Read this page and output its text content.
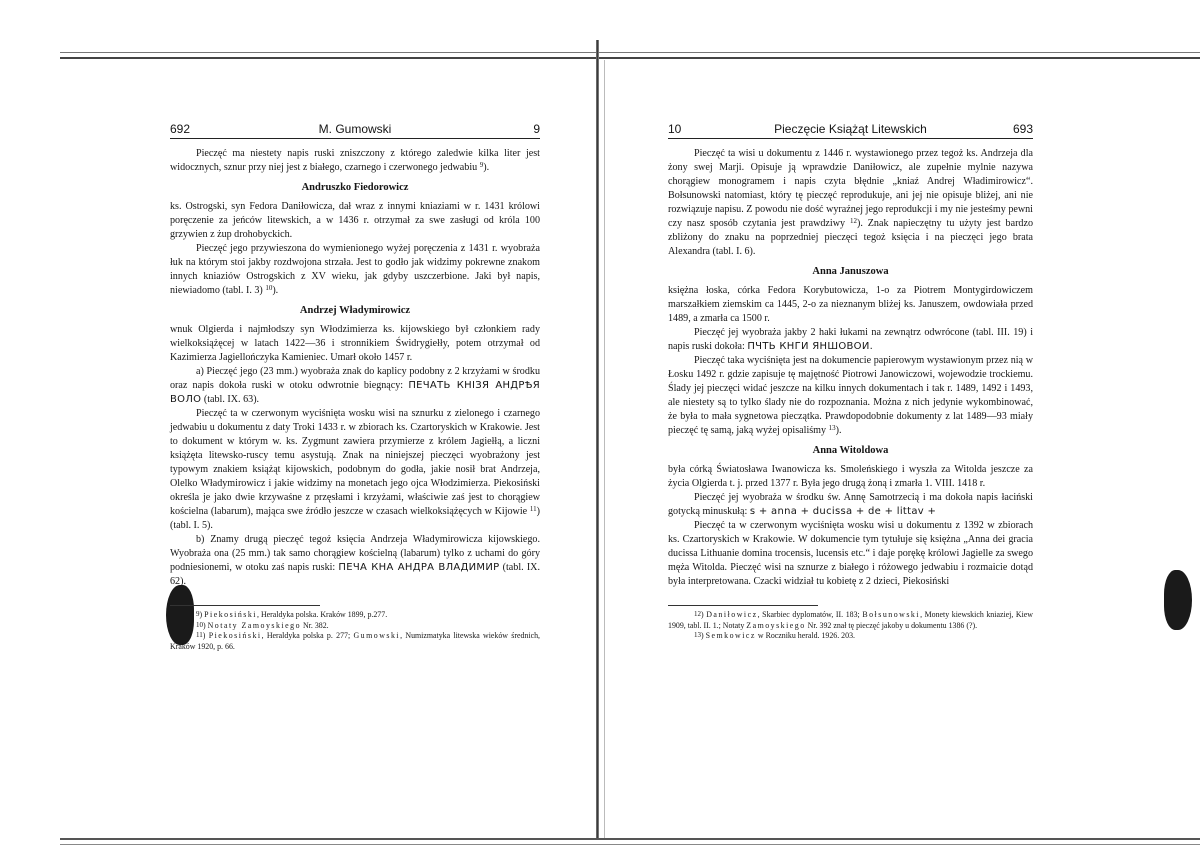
692	M. Gumowski	9

Pieczęć ma niestety napis ruski zniszczony z którego zaledwie kilka liter jest widocznych, sznur przy niej jest z białego, czarnego i czerwonego jedwabiu $^9$).

Andruszko Fiedorowicz

ks. Ostrogski, syn Fedora Daniłowicza, dał wraz z innymi kniaziami w r. 1431 królowi poręczenie za jeńców litewskich, a w 1436 r. otrzymał za swe zasługi od króla 100 grzywien z żup drohobyckich.

Pieczęć jego przywieszona do wymienionego wyżej poręczenia z 1431 r. wyobraża łuk na którym stoi jakby rozdwojona strzała. Jest to godło jak widzimy pokrewne znakom innych kniaziów Ostrogskich z XV wieku, jak gdyby uszczerbione. Jaki był napis, niewiadomo (tabl. I. 3) $^{10}$).

Andrzej Władymirowicz

wnuk Olgierda i najmłodszy syn Włodzimierza ks. kijowskiego był członkiem rady wielkoksiążęcej w latach 1422—36 i stronnikiem Świdrygiełły, potem otrzymał od Kazimierza Jagiellończyka Kamieniec. Umarł około 1457 r.

a) Pieczęć jego (23 mm.) wyobraża znak do kaplicy podobny z 2 krzyżami w środku oraz napis dokoła ruski w otoku odwrotnie biegnący: ПЕЧАТЬ КНІЗЯ АНДРѢЯ ВОЛО (tabl. IX. 63).

Pieczęć ta w czerwonym wyciśnięta wosku wisi na sznurku z zielonego i czarnego jedwabiu u dokumentu z daty Troki 1433 r. w zbiorach ks. Czartoryskich w Krakowie. Jest to dokument w którym w. ks. Zygmunt zawiera przymierze z królem Jagiełłą, a liczni książęta litewsko-ruscy temu asystują. Znak na niniejszej pieczęci wyobrażony jest typowym znakiem książąt kijowskich, podobnym do godła, jakie nosił brat Andrzeja, Olelko Władymirowicz i jakie widzimy na monetach jego ojca Włodzimierza. Piekosiński określa je jako dwie krzywaśne z przęsłami i krzyżami, właściwie zaś jest to chorągiew kościelna (labarum), mająca swe źródło jeszcze w czasach wielkoksiążęcych w Kijowie $^{11}$) (tabl. I. 5).

b) Znamy drugą pieczęć tegoż księcia Andrzeja Władymirowicza kijowskiego. Wyobraża ona (25 mm.) tak samo chorągiew kościelną (labarum) tylko z uchami do góry podniesionemi, w otoku zaś napis ruski: ПЕЧА КНА АНДРА ВЛАДИМИР (tabl. IX. 62).

$^9$) Piekosiński, Heraldyka polska. Kraków 1899, p.277.

$^{10}$) Notaty Zamoyskiego Nr. 382.

$^{11}$) Piekosiński, Heraldyka polska p. 277; Gumowski, Numizmatyka litewska wieków średnich, Kraków 1920, p. 66.

10	Pieczęcie Książąt Litewskich	693

Pieczęć ta wisi u dokumentu z 1446 r. wystawionego przez tegoż ks. Andrzeja dla żony swej Marji. Opisuje ją wprawdzie Daniłowicz, ale zupełnie mylnie nazywa chorągiew monogramem i napis czyta błędnie „kniaź Andrej Władimirowicz“. Bołsunowski natomiast, który tę pieczęć reprodukuje, ani jej nie opisuje bliżej, ani nie rozwiązuje napisu. Z powodu nie dość wyraźnej jego reprodukcji i my nie jesteśmy pewni czy nasz sposób czytania jest prawdziwy $^{12}$). Znak napieczętny tu użyty jest bardzo zbliżony do znaku na poprzedniej pieczęci tegoż księcia i na pieczęci jego brata Alexandra (tabl. I. 6).

Anna Januszowa

księżna łoska, córka Fedora Korybutowicza, 1-o za Piotrem Montygirdowiczem marszałkiem ziemskim ca 1445, 2-o za nieznanym bliżej ks. Januszem, owdowiała przed 1489, a zmarła ca 1500 r.

Pieczęć jej wyobraża jakby 2 haki łukami na zewnątrz odwrócone (tabl. III. 19) i napis ruski dokoła: ПЧТЬ КНГИ ЯНШОВОИ.

Pieczęć taka wyciśnięta jest na dokumencie papierowym wystawionym przez nią w Łosku 1492 r. gdzie zapisuje tę majętność Piotrowi Janowiczowi, wojewodzie trockiemu. Ślady jej pieczęci widać jeszcze na kilku innych dokumentach i tak r. 1489, 1492 i 1493, ale niestety są to tylko ślady nie do rozpoznania. Można z nich jedynie wykombinować, że była to mała sygnetowa pieczątka. Prawdopodobnie dokumenty z lat 1489—93 miały pieczęć tę samą, jaką wyżej opisaliśmy $^{13}$).

Anna Witoldowa

była córką Światosława Iwanowicza ks. Smoleńskiego i wyszła za Witolda jeszcze za życia Olgierda t. j. przed 1377 r. Była jego drugą żoną i zmarła 1. VIII. 1418 r.

Pieczęć jej wyobraża w środku św. Annę Samotrzecią i ma dokoła napis łaciński gotycką minuskułą: s + anna + ducissa + de + littav +

Pieczęć ta w czerwonym wyciśnięta wosku wisi u dokumentu z 1392 w zbiorach ks. Czartoryskich w Krakowie. W dokumencie tym tytułuje się księżna „Anna dei gracia ducissa Lithuanie domina trocensis, lucensis etc.“ i daje porękę królowi Jagielle za swego męża Witolda. Pieczęć wisi na sznurze z białego i różowego jedwabiu i rozmaicie dotąd była interpretowana. Czacki widział tu kobietę z 2 dzieci, Piekosiński

$^{12}$) Daniłowicz, Skarbiec dyplomatów, II. 183; Bołsunowski, Monety kiewskich kniaziej, Kiew 1909, tabl. II. 1.; Notaty Zamoyskiego Nr. 392 znał tę pieczęć jakoby u dokumentu 1386 (?).

$^{13}$) Semkowicz w Roczniku herald. 1926. 203.
